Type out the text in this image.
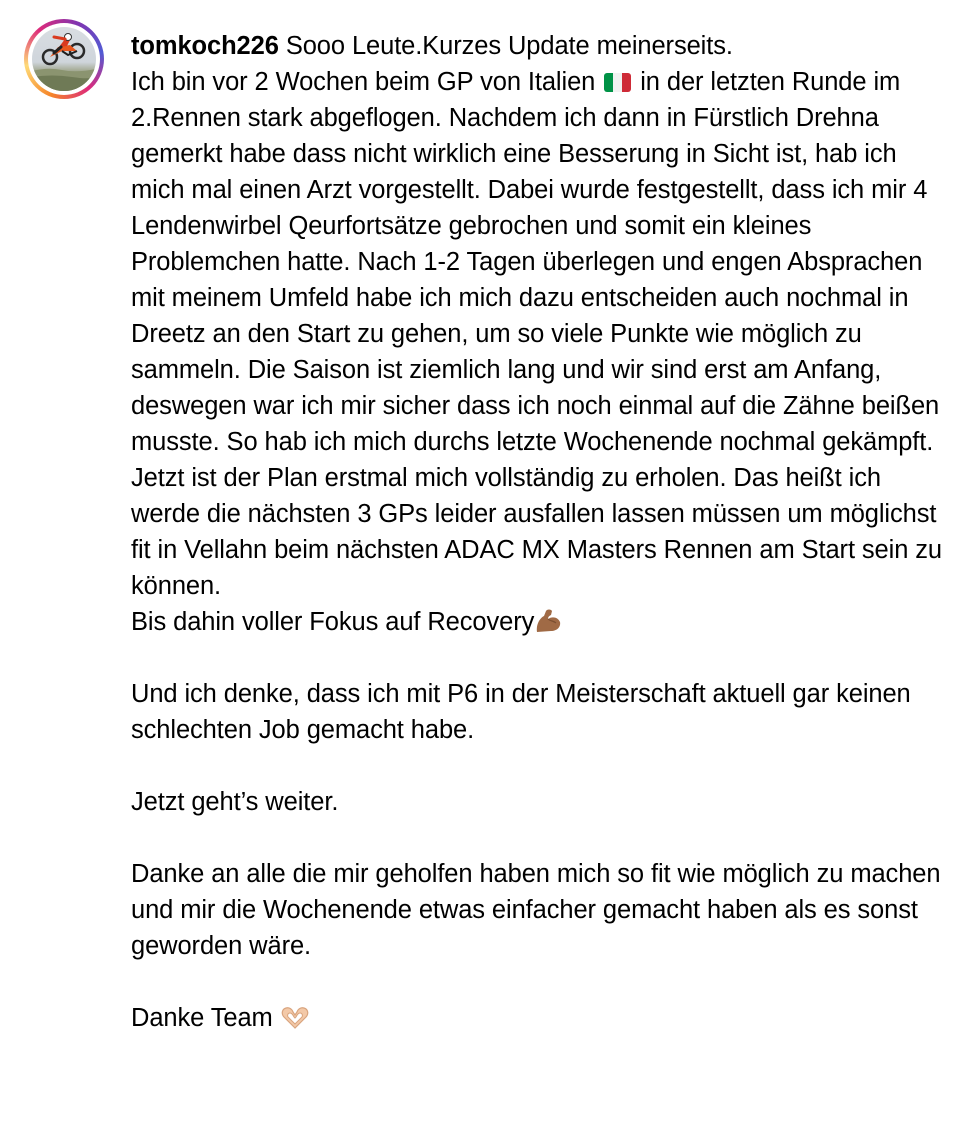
tomkoch226 Sooo Leute.Kurzes Update meinerseits.
Ich bin vor 2 Wochen beim GP von Italien in der letzten Runde im 2.Rennen stark abgeflogen. Nachdem ich dann in Fürstlich Drehna gemerkt habe dass nicht wirklich eine Besserung in Sicht ist, hab ich mich mal einen Arzt vorgestellt. Dabei wurde festgestellt, dass ich mir 4 Lendenwirbel Qeurfortsätze gebrochen und somit ein kleines Problemchen hatte. Nach 1-2 Tagen überlegen und engen Absprachen mit meinem Umfeld habe ich mich dazu entscheiden auch nochmal in Dreetz an den Start zu gehen, um so viele Punkte wie möglich zu sammeln. Die Saison ist ziemlich lang und wir sind erst am Anfang, deswegen war ich mir sicher dass ich noch einmal auf die Zähne beißen musste. So hab ich mich durchs letzte Wochenende nochmal gekämpft. Jetzt ist der Plan erstmal mich vollständig zu erholen. Das heißt ich werde die nächsten 3 GPs leider ausfallen lassen müssen um möglichst fit in Vellahn beim nächsten ADAC MX Masters Rennen am Start sein zu können.
Bis dahin voller Fokus auf Recovery
Und ich denke, dass ich mit P6 in der Meisterschaft aktuell gar keinen schlechten Job gemacht habe.
Jetzt geht’s weiter.
Danke an alle die mir geholfen haben mich so fit wie möglich zu machen und mir die Wochenende etwas einfacher gemacht haben als es sonst geworden wäre.
Danke Team
